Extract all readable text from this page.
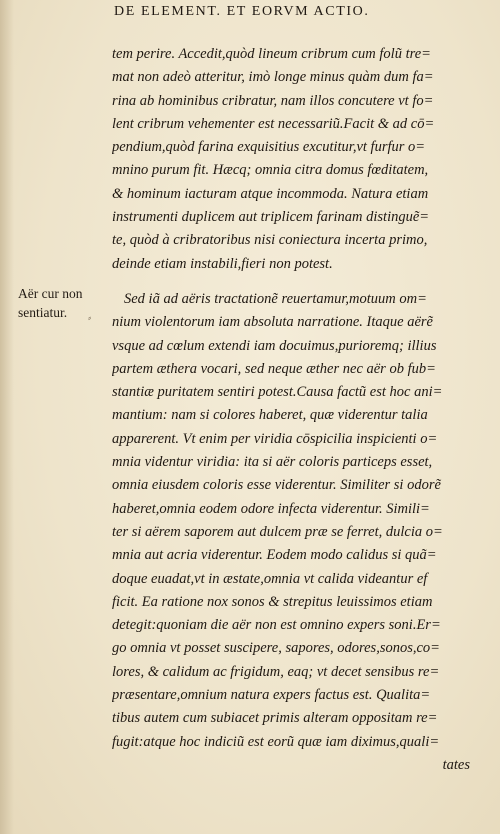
DE ELEMENT. ET EORVM ACTIO.
Aër cur non
sentiatur.	⸗
tem perire. Accedit,quòd lineum cribrum cum folũ tre=
mat non adeò atteritur, imò longe minus quàm dum fa=
rina ab hominibus cribratur, nam illos concutere vt fo=
lent cribrum vehementer est necessariũ.Facit & ad cō=
pendium,quòd farina exquisitius excutitur,vt furfur o=
mnino purum fit. Hæcq; omnia citra domus fœditatem,
& hominum iacturam atque incommoda. Natura etiam
instrumenti duplicem aut triplicem farinam distinguẽ=
te, quòd à cribratoribus nisi coniectura incerta primo,
deinde etiam instabili,fieri non potest.
Sed iã ad aëris tractationẽ reuertamur,motuum om=
nium violentorum iam absoluta narratione. Itaque aërẽ
vsque ad cœlum extendi iam docuimus,purioremq; illius
partem æthera vocari, sed neque æther nec aër ob fub=
stantiæ puritatem sentiri potest.Causa factũ est hoc ani=
mantium: nam si colores haberet, quæ viderentur talia
apparerent. Vt enim per viridia cōspicilia inspicienti o=
mnia videntur viridia: ita si aër coloris particeps esset,
omnia eiusdem coloris esse viderentur. Similiter si odorẽ
haberet,omnia eodem odore infecta viderentur. Simili=
ter si aërem saporem aut dulcem præ se ferret, dulcia o=
mnia aut acria viderentur. Eodem modo calidus si quã=
doque euadat,vt in æstate,omnia vt calida videantur ef
ficit. Ea ratione nox sonos & strepitus leuissimos etiam
detegit:quoniam die aër non est omnino expers soni.Er=
go omnia vt posset suscipere, sapores, odores,sonos,co=
lores, & calidum ac frigidum, eaq; vt decet sensibus re=
præsentare,omnium natura expers factus est. Qualita=
tibus autem cum subiacet primis alteram oppositam re=
fugit:atque hoc indiciũ est eorũ quæ iam diximus,quali=
tates
